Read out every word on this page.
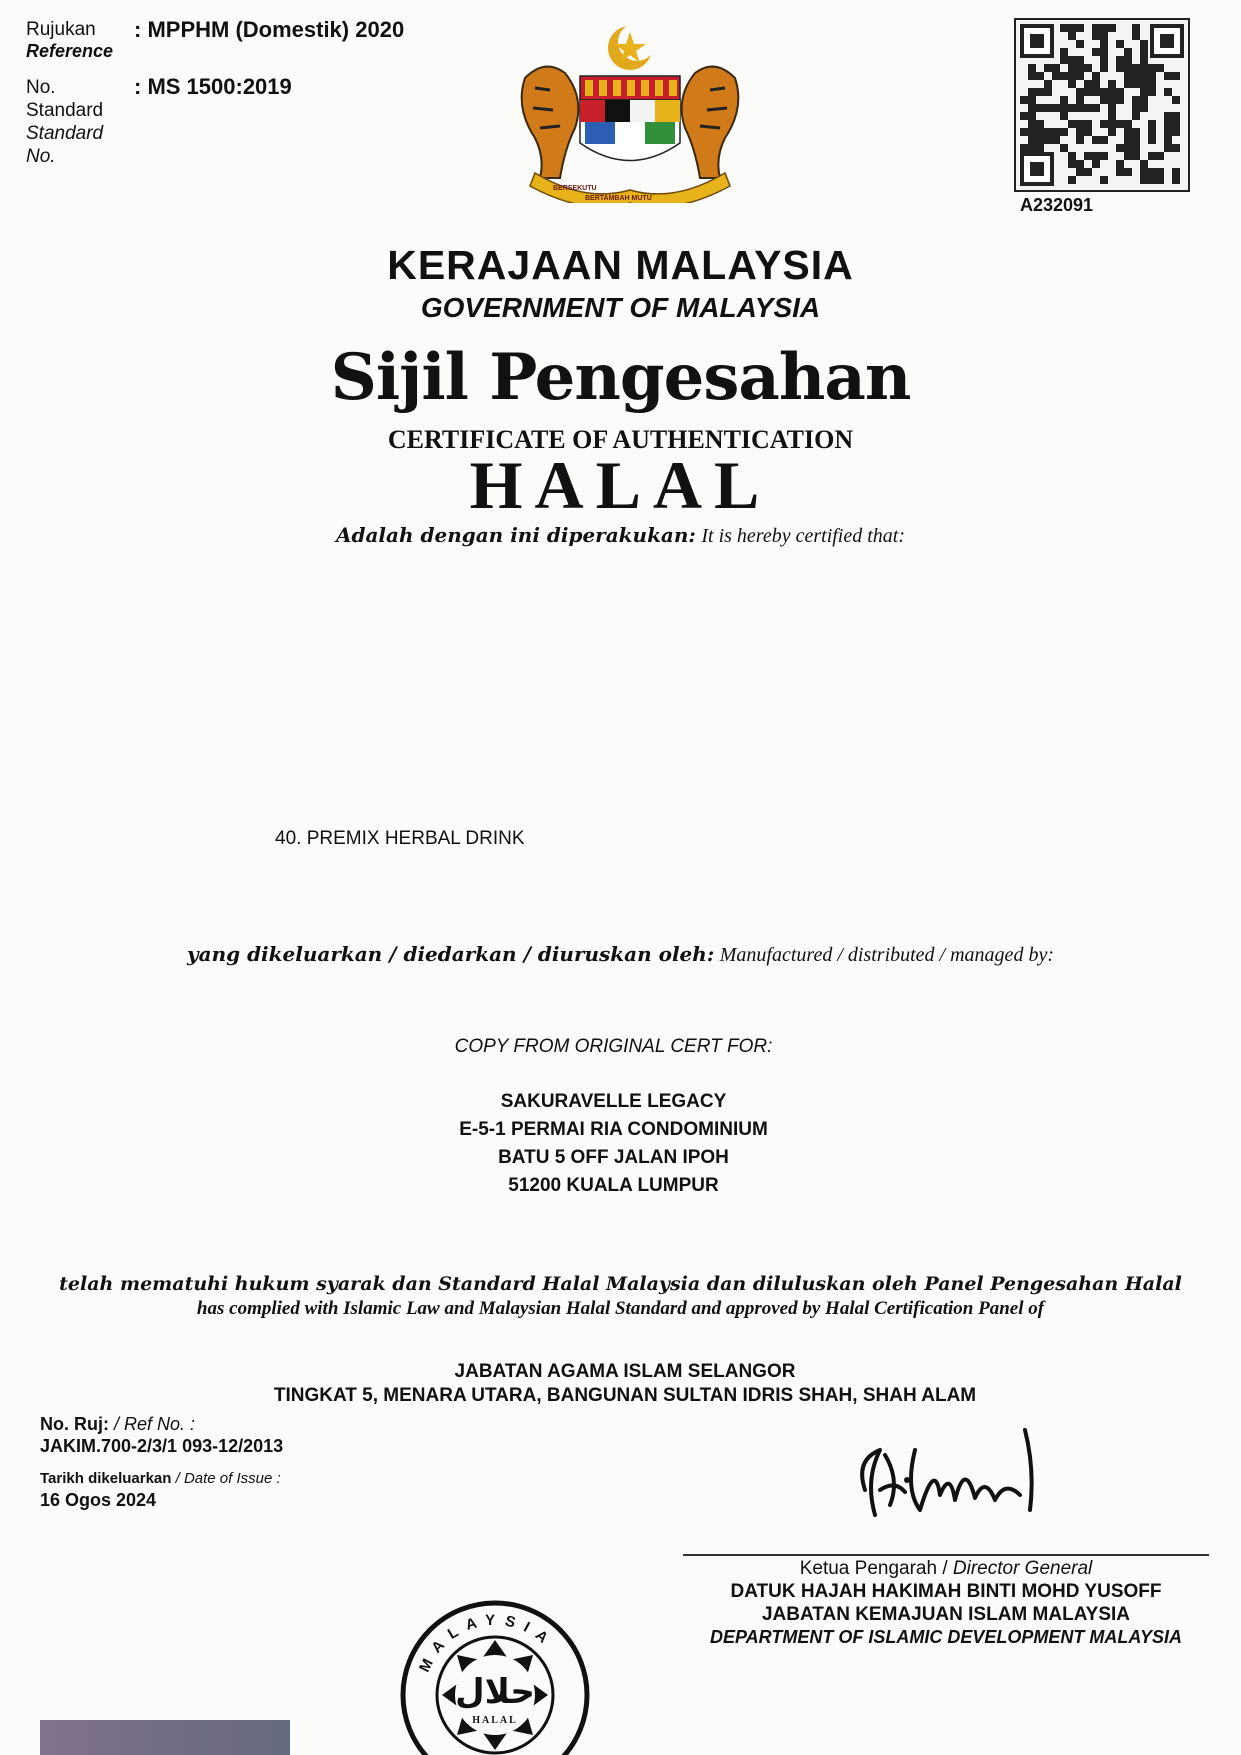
Rujukan
Reference
: MPPHM (Domestik) 2020
No.
Standard
Standard
No.
: MS 1500:2019
BERSEKUTU
BERTAMBAH MUTU	A232091
KERAJAAN MALAYSIA
GOVERNMENT OF MALAYSIA
Sijil Pengesahan
CERTIFICATE OF AUTHENTICATION
HALAL
Adalah dengan ini diperakukan: It is hereby certified that:
40. PREMIX HERBAL DRINK
yang dikeluarkan / diedarkan / diuruskan oleh: Manufactured / distributed / managed by:
COPY FROM ORIGINAL CERT FOR:
SAKURAVELLE LEGACY
E-5-1 PERMAI RIA CONDOMINIUM
BATU 5 OFF JALAN IPOH
51200 KUALA LUMPUR
telah mematuhi hukum syarak dan Standard Halal Malaysia dan diluluskan oleh Panel Pengesahan Halal
has complied with Islamic Law and Malaysian Halal Standard and approved by Halal Certification Panel of
JABATAN AGAMA ISLAM SELANGOR
TINGKAT 5, MENARA UTARA, BANGUNAN SULTAN IDRIS SHAH, SHAH ALAM
No. Ruj: / Ref No. :
JAKIM.700-2/3/1 093-12/2013
Tarikh dikeluarkan / Date of Issue :
16 Ogos 2024
Ketua Pengarah / Director General
DATUK HAJAH HAKIMAH BINTI MOHD YUSOFF
JABATAN KEMAJUAN ISLAM MALAYSIA
DEPARTMENT OF ISLAMIC DEVELOPMENT MALAYSIA
MALAYSIA
حلال
HALAL
